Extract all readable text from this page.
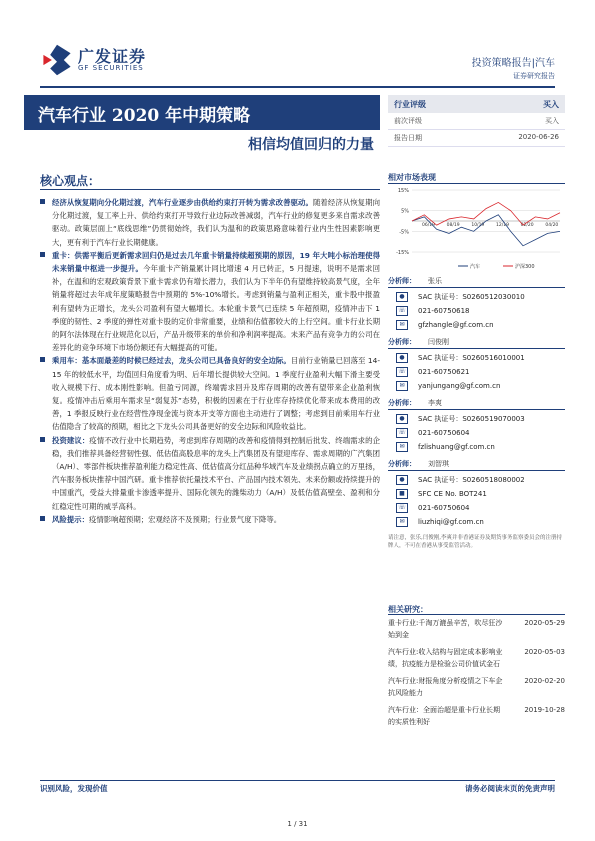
广发证券
GF SECURITIES	投资策略报告|汽车
证券研究报告
汽车行业 2020 年中期策略
相信均值回归的力量
行业评级	买入
前次评级	买入
报告日期	2020-06-26
核心观点：

经济从恢复期向分化期过渡，汽车行业逐步由供给约束打开转为需求改善驱动。随着经济从恢复期向分化期过渡，复工率上升、供给约束打开导致行业边际改善减弱，汽车行业的修复更多来自需求改善驱动。政策层面上“底线思维”仍贯彻始终，我们认为温和的政策思路意味着行业内生性因素影响更大，更有利于汽车行业长期健康。

重卡：供需平衡后更新需求回归仍是过去几年重卡销量持续超预期的原因，19 年大吨小标治理使得未来销量中枢进一步提升。今年重卡产销量累计同比增速 4 月已转正，5 月提速，说明不是需求回补，在温和的宏观政策背景下重卡需求仍有增长潜力，我们认为下半年仍有望维持较高景气度，全年销量将超过去年成年度策略报告中预期的 5%-10%增长。考虑到销量与盈利正相关，重卡股中报盈利有望转为正增长，龙头公司盈利有望大幅增长。本轮重卡景气已连续 5 年超预期，疫情冲击下 1 季度的韧性、2 季度的弹性对重卡股的定价非常重要，业绩和估值都较大的上行空间。重卡行业长期的阿尔法体现在行业规范化以后，产品升级带来的单价和净利润率提高。未来产品有竞争力的公司在差异化的竞争环境下市场份额还有大幅提高的可能。

乘用车：基本面最差的时候已经过去，龙头公司已具备良好的安全边际。目前行业销量已回落至 14-15 年的较低水平，均值回归角度看为明、后年增长提供较大空间。1 季度行业盈利大幅下滑主要受收入规模下行、成本刚性影响。但盈亏同源，终端需求回升及库存周期的改善有望带来企业盈利恢复。疫情冲击后乘用车需求呈“弱复苏”态势，积极的因素在于行业库存持续优化带来成本费用的改善，1 季报反映行业在经营性净现金流与资本开支等方面也主动进行了调整；考虑到目前乘用车行业估值隐含了较高的预期，相比之下龙头公司具备更好的安全边际和风险收益比。

投资建议：疫情不改行业中长期趋势，考虑到库存周期的改善和疫情得到控制后批发、终端需求的企稳，我们推荐具备经营韧性强、低估值高股息率的龙头上汽集团及有望迎库存、需求周期的广汽集团（A/H）、零部件板块推荐盈利能力稳定性高、低估值高分红品种华域汽车及业绩拐点确立的万里扬，汽车服务板块推荐中国汽研。重卡推荐依托量技术平台、产品国内技术领先、未来份额或持续提升的中国重汽，受益大排量重卡渗透率提升、国际化领先的潍柴动力（A/H）及低估值高壁垒、盈利和分红稳定性可期的威孚高科。

风险提示：疫情影响超预期；宏观经济不及预期；行业景气度下降等。

相对市场表现
15%
5%
-5%
-15%
06/19	08/19	10/19	12/19	02/20	04/20
汽车	沪深300
分析师： 张乐
●	SAC 执证号：S0260512030010
☏	021-60750618
✉	gfzhangle@gf.com.cn
分析师： 闫俊刚
●	SAC 执证号：S0260516010001
☏	021-60750621
✉	yanjungang@gf.com.cn
分析师： 李爽
●	SAC 执证号：S0260519070003
☏	021-60750604
✉	fzlishuang@gf.com.cn
分析师： 刘智琪
●	SAC 执证号：S0260518080002
■	SFC CE No. BOT241
☏	021-60750604
✉	liuzhiqi@gf.com.cn
请注意，张乐,闫俊刚,李爽并非香港证券及期货事务监察委员会的注册持牌人，不可在香港从事受监管活动。
相关研究：
重卡行业:千淘万漉虽辛苦，吹尽狂沙始到金
2020-05-29
汽车行业:收入结构与固定成本影响业绩，抗疫能力是检验公司价值试金石
2020-05-03
汽车行业:财报角度分析疫情之下车企抗风险能力
2020-02-20
汽车行业：全面治超是重卡行业长期的实质性利好
2019-10-28
识别风险，发现价值	请务必阅读末页的免责声明
1 / 31
